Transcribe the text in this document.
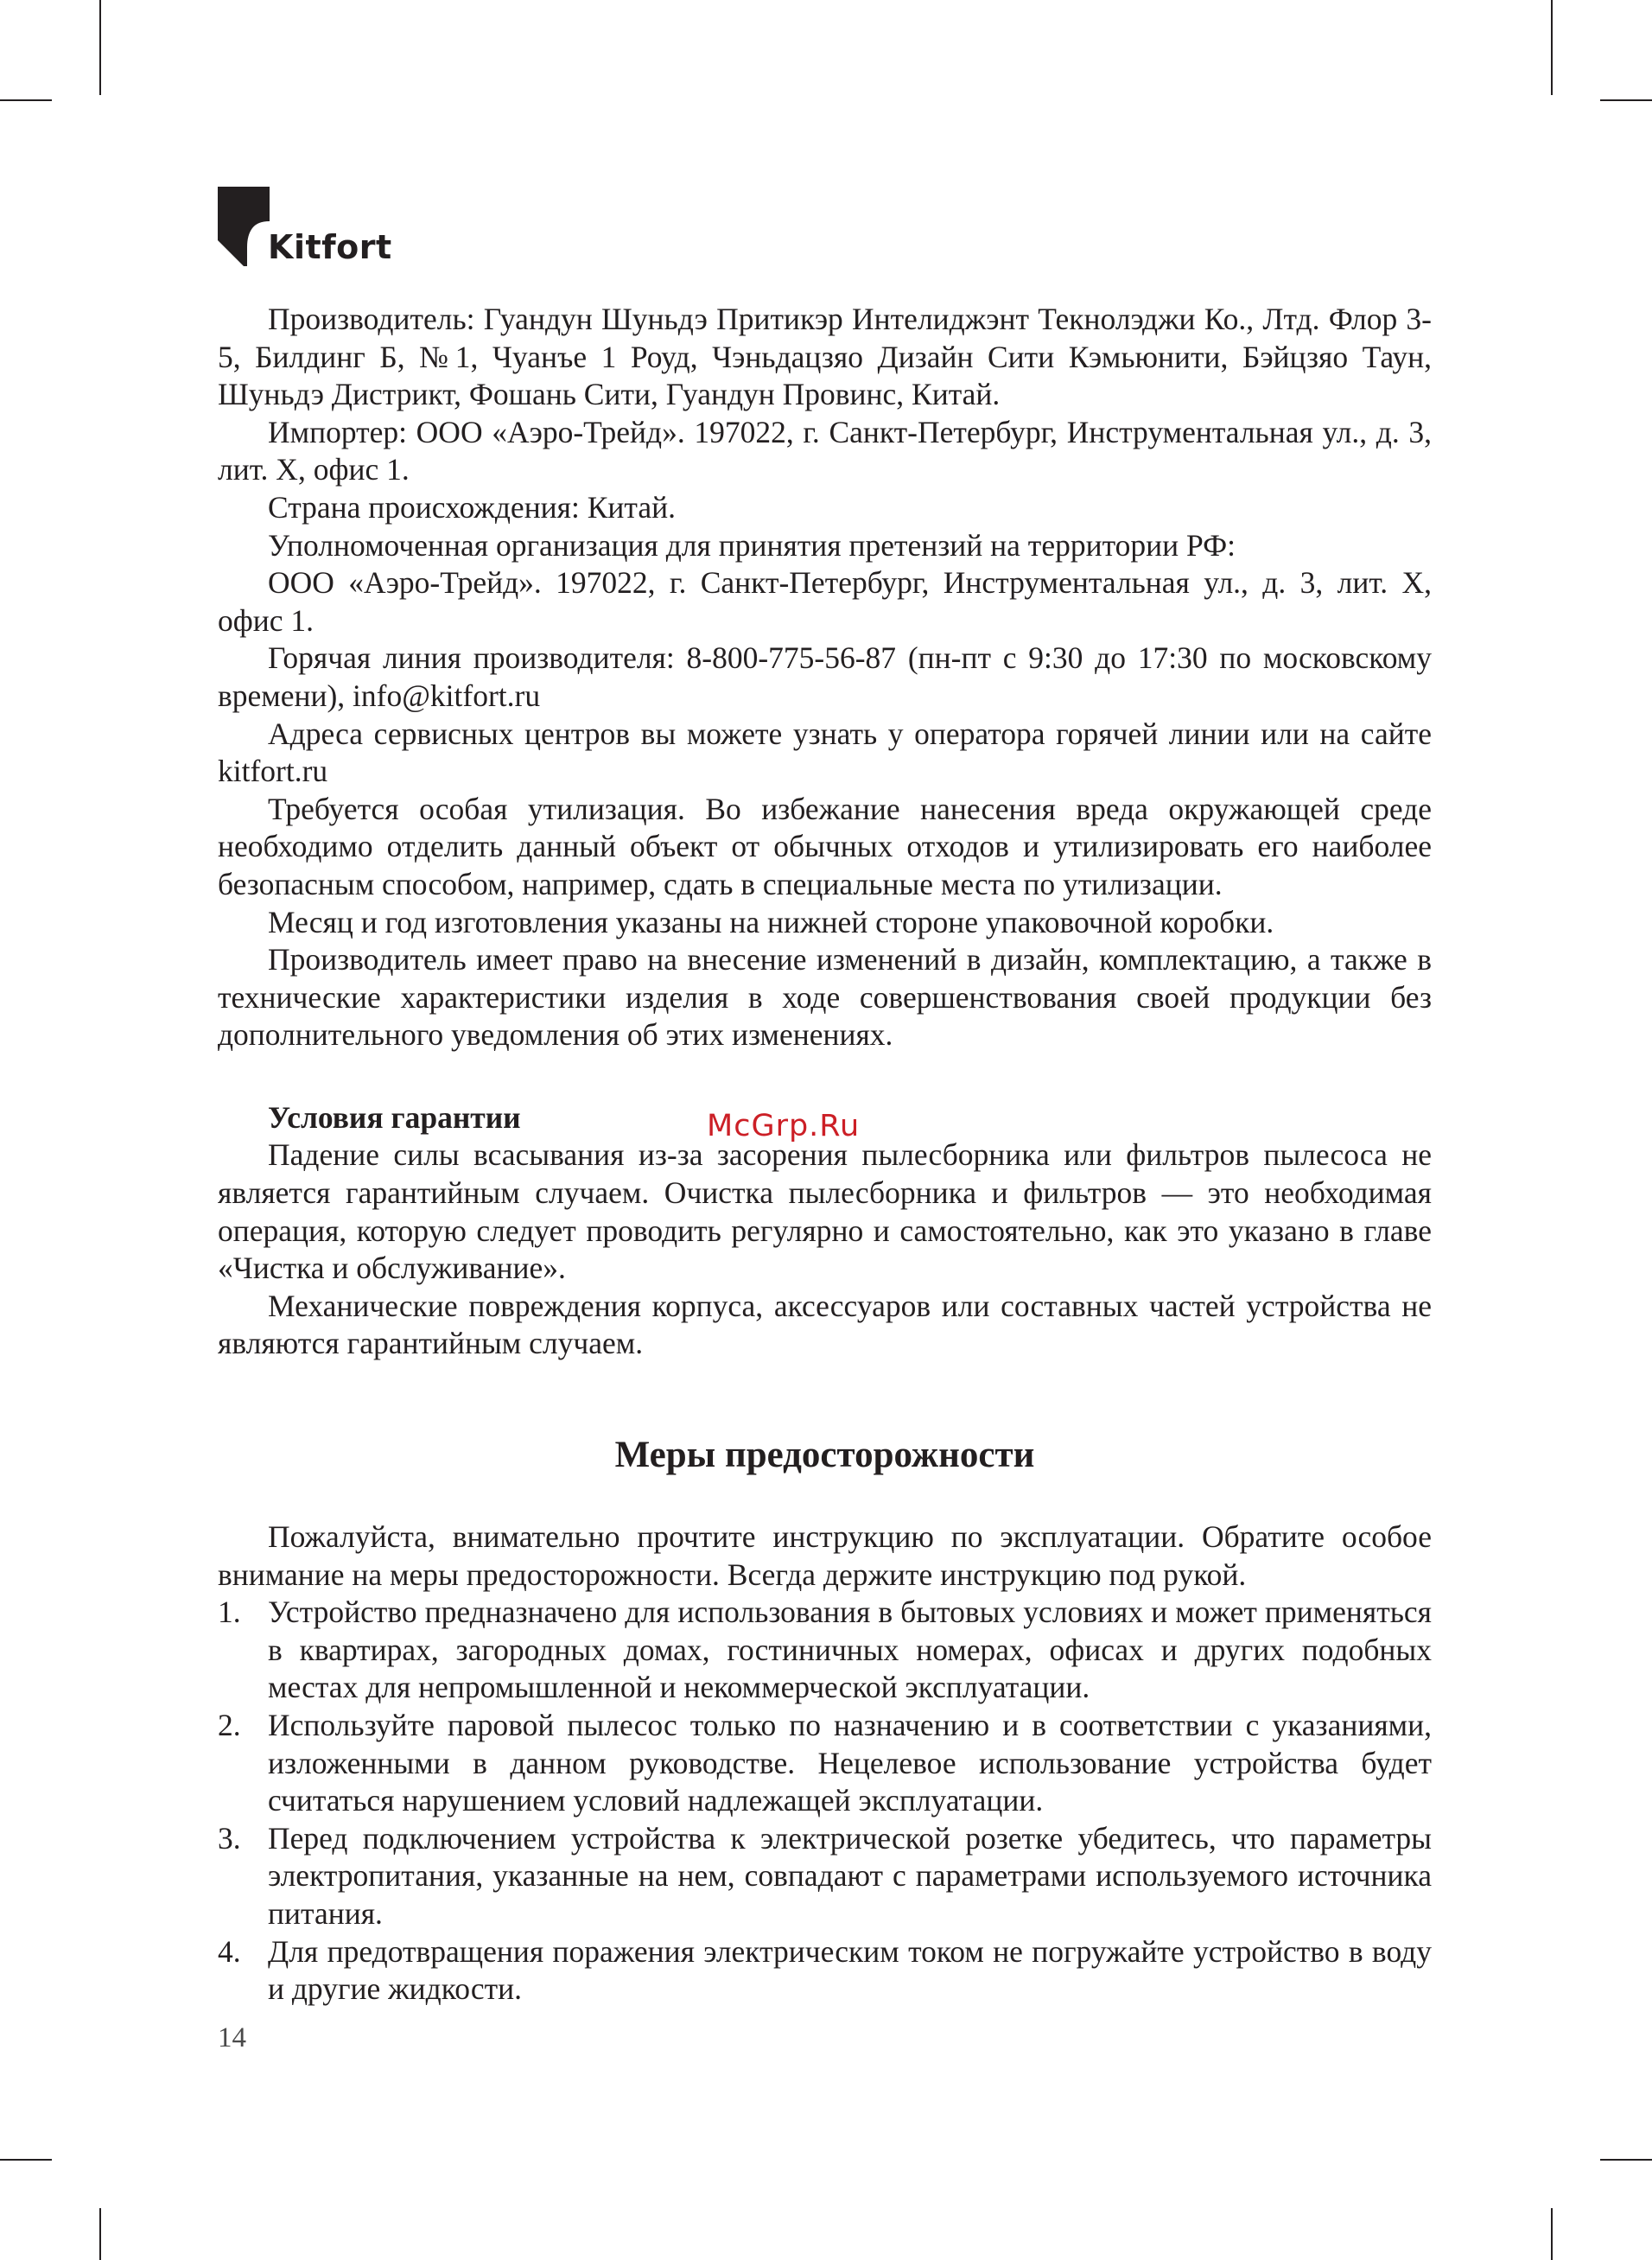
Kitfort
McGrp.Ru

Производитель: Гуандун Шуньдэ Притикэр Интелиджэнт Текнолэджи Ко., Лтд. Флор 3-5, Билдинг Б, №1, Чуанъе 1 Роуд, Чэньдацзяо Дизайн Сити Кэмьюнити, Бэйцзяо Таун, Шуньдэ Дистрикт, Фошань Сити, Гуандун Провинс, Китай.

Импортер: ООО «Аэро-Трейд». 197022, г. Санкт-Петербург, Инструментальная ул., д. 3, лит. Х, офис 1.

Страна происхождения: Китай.

Уполномоченная организация для принятия претензий на территории РФ:

ООО «Аэро-Трейд». 197022, г. Санкт-Петербург, Инструментальная ул., д. 3, лит. Х, офис 1.

Горячая линия производителя: 8-800-775-56-87 (пн-пт с 9:30 до 17:30 по московскому времени), info@kitfort.ru

Адреса сервисных центров вы можете узнать у оператора горячей линии или на сайте kitfort.ru

Требуется особая утилизация. Во избежание нанесения вреда окружающей среде необходимо отделить данный объект от обычных отходов и утилизировать его наиболее безопасным способом, например, сдать в специальные места по утилизации.

Месяц и год изготовления указаны на нижней стороне упаковочной коробки.

Производитель имеет право на внесение изменений в дизайн, комплектацию, а также в технические характеристики изделия в ходе совершенствования своей продукции без дополнительного уведомления об этих изменениях.

Условия гарантии

Падение силы всасывания из-за засорения пылесборника или фильтров пылесоса не является гарантийным случаем. Очистка пылесборника и фильтров — это необходимая операция, которую следует проводить регулярно и самостоятельно, как это указано в главе «Чистка и обслуживание».

Механические повреждения корпуса, аксессуаров или составных частей устройства не являются гарантийным случаем.

Меры предосторожности

Пожалуйста, внимательно прочтите инструкцию по эксплуатации. Обратите особое внимание на меры предосторожности. Всегда держите инструкцию под рукой.

1. Устройство предназначено для использования в бытовых условиях и может применяться в квартирах, загородных домах, гостиничных номерах, офисах и других подобных местах для непромышленной и некоммерческой эксплуатации.
2. Используйте паровой пылесос только по назначению и в соответствии с указаниями, изложенными в данном руководстве. Нецелевое использование устройства будет считаться нарушением условий надлежащей эксплуатации.
3. Перед подключением устройства к электрической розетке убедитесь, что параметры электропитания, указанные на нем, совпадают с параметрами используемого источника питания.
4. Для предотвращения поражения электрическим током не погружайте устройство в воду и другие жидкости.
14
